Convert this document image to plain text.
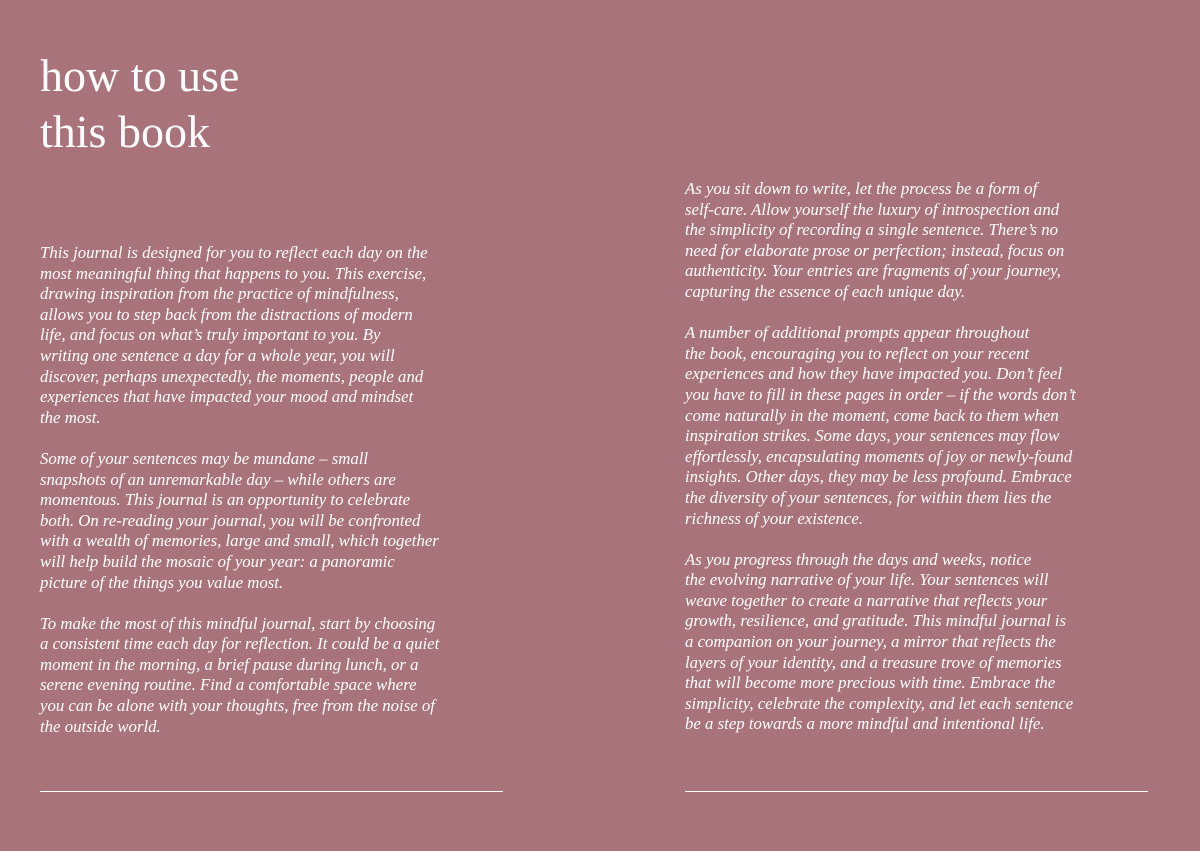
how to use
this book

This journal is designed for you to reflect each day on the
most meaningful thing that happens to you. This exercise,
drawing inspiration from the practice of mindfulness,
allows you to step back from the distractions of modern
life, and focus on what’s truly important to you. By
writing one sentence a day for a whole year, you will
discover, perhaps unexpectedly, the moments, people and
experiences that have impacted your mood and mindset
the most.

Some of your sentences may be mundane – small
snapshots of an unremarkable day – while others are
momentous. This journal is an opportunity to celebrate
both. On re-reading your journal, you will be confronted
with a wealth of memories, large and small, which together
will help build the mosaic of your year: a panoramic
picture of the things you value most.

To make the most of this mindful journal, start by choosing
a consistent time each day for reflection. It could be a quiet
moment in the morning, a brief pause during lunch, or a
serene evening routine. Find a comfortable space where
you can be alone with your thoughts, free from the noise of
the outside world.

As you sit down to write, let the process be a form of
self-care. Allow yourself the luxury of introspection and
the simplicity of recording a single sentence. There’s no
need for elaborate prose or perfection; instead, focus on
authenticity. Your entries are fragments of your journey,
capturing the essence of each unique day.

A number of additional prompts appear throughout
the book, encouraging you to reflect on your recent
experiences and how they have impacted you. Don’t feel
you have to fill in these pages in order – if the words don’t
come naturally in the moment, come back to them when
inspiration strikes. Some days, your sentences may flow
effortlessly, encapsulating moments of joy or newly-found
insights. Other days, they may be less profound. Embrace
the diversity of your sentences, for within them lies the
richness of your existence.

As you progress through the days and weeks, notice
the evolving narrative of your life. Your sentences will
weave together to create a narrative that reflects your
growth, resilience, and gratitude. This mindful journal is
a companion on your journey, a mirror that reflects the
layers of your identity, and a treasure trove of memories
that will become more precious with time. Embrace the
simplicity, celebrate the complexity, and let each sentence
be a step towards a more mindful and intentional life.
